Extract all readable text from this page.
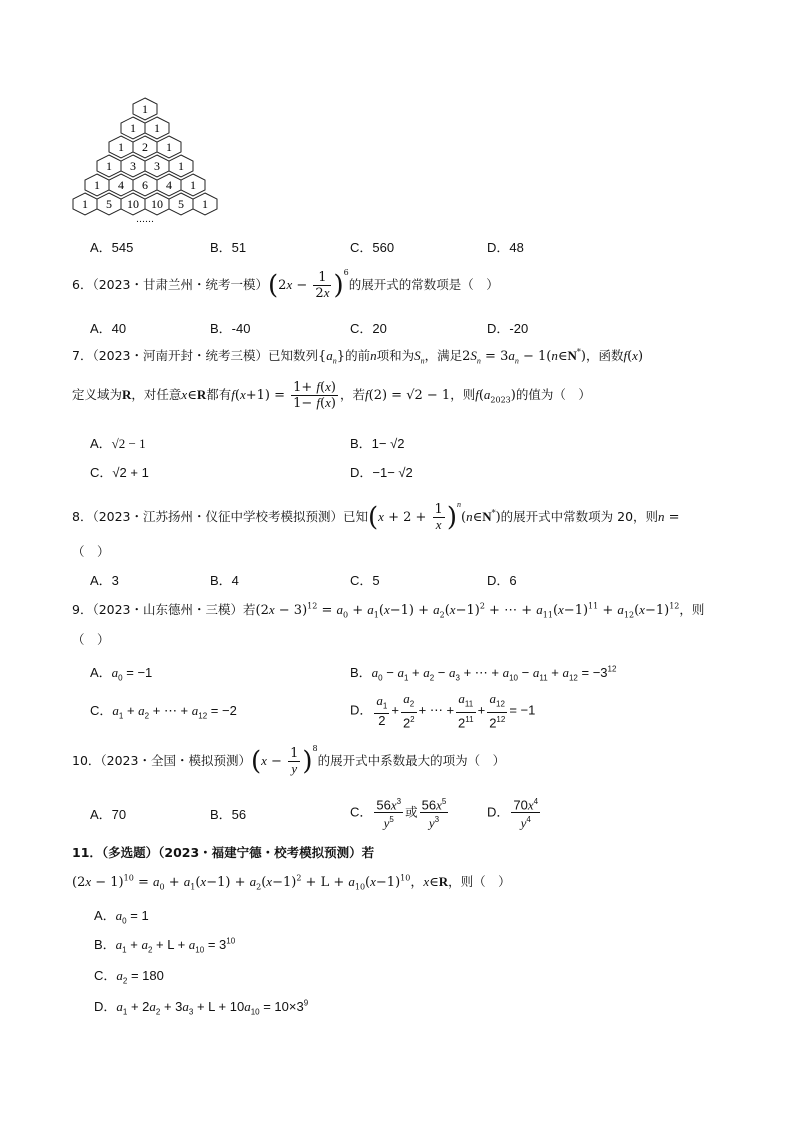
1
1 1
1 2 1
1 3 3 1
1 4 6 4 1
1 5 10 10 5 1
……
A．545	B．51	C．560	D．48
6．（2023・甘肃兰州・统考一模）$(2x - \frac{1}{2x} )^6$的展开式的常数项是（　）
A．40	B．-40	C．20	D．-20
7．（2023・河南开封・统考三模）已知数列$\{a_n\}$的前n项和为$S_n$，满足$2S_n = 3a_n$ − 1(n∈N*)，函数f(x)
定义域为R，对任意x∈R都有$f(x+1) = \frac{1+ f(x)}{1- f(x)}$ ，若f(2) = √2 − 1，则$f(a_{2023})$的值为（　）
A．√2 − 1	B．1− √2
C．√2 + 1	D．−1− √2
8．（2023・江苏扬州・仪征中学校考模拟预测）已知($x + 2 + \frac{1}{x}$ )$^n(n\in N^*)$的展开式中常数项为 20，则n =
（　）
A．3	B．4	C．5	D．6
9．（2023・山东德州・三模）若$(2x - 3)^{12} = a_0 + a_1(x-1) + a_2(x-1)^2$ + ⋯ + $a_{11}(x-1)^{11} + a_{12}(x-1)^{12}$，则
（　）
A．$a_0 = -1$	B．$a_0 - a_1 + a_2 - a_3$ + ⋯ + $a_{10} - a_{11} + a_{12} = -3^{12}$
C．$a_1 + a_2$ + ⋯ + $a_{12} = -2$	D． $\frac{a_1}{2} + \frac{a_2}{2^2}$ + ⋯ + $\frac{a_{11}}{2^{11}} + \frac{a_{12}}{2^{12}} = -1$
10．（2023・全国・模拟预测）$(x - \frac{1}{y} )^8$的展开式中系数最大的项为（　）
A．70	B．56	C． $\frac{56x^3}{y^5}$ 或 $\frac{56x^5}{y^3}$	D． $\frac{70x^4}{y^4}$
11．（多选题）（2023・福建宁德・校考模拟预测）若
$(2x - 1)^{10} = a_0 + a_1(x-1) + a_2(x-1)^2 + L + a_{10}(x-1)^{10}$，x∈R，则（　）
A．$a_0 = 1$
B．$a_1 + a_2 + L + a_{10} = 3^{10}$
C．$a_2 = 180$
D．$a_1 + 2a_2 + 3a_3 + L + 10a_{10} = 10\times 3^9$
